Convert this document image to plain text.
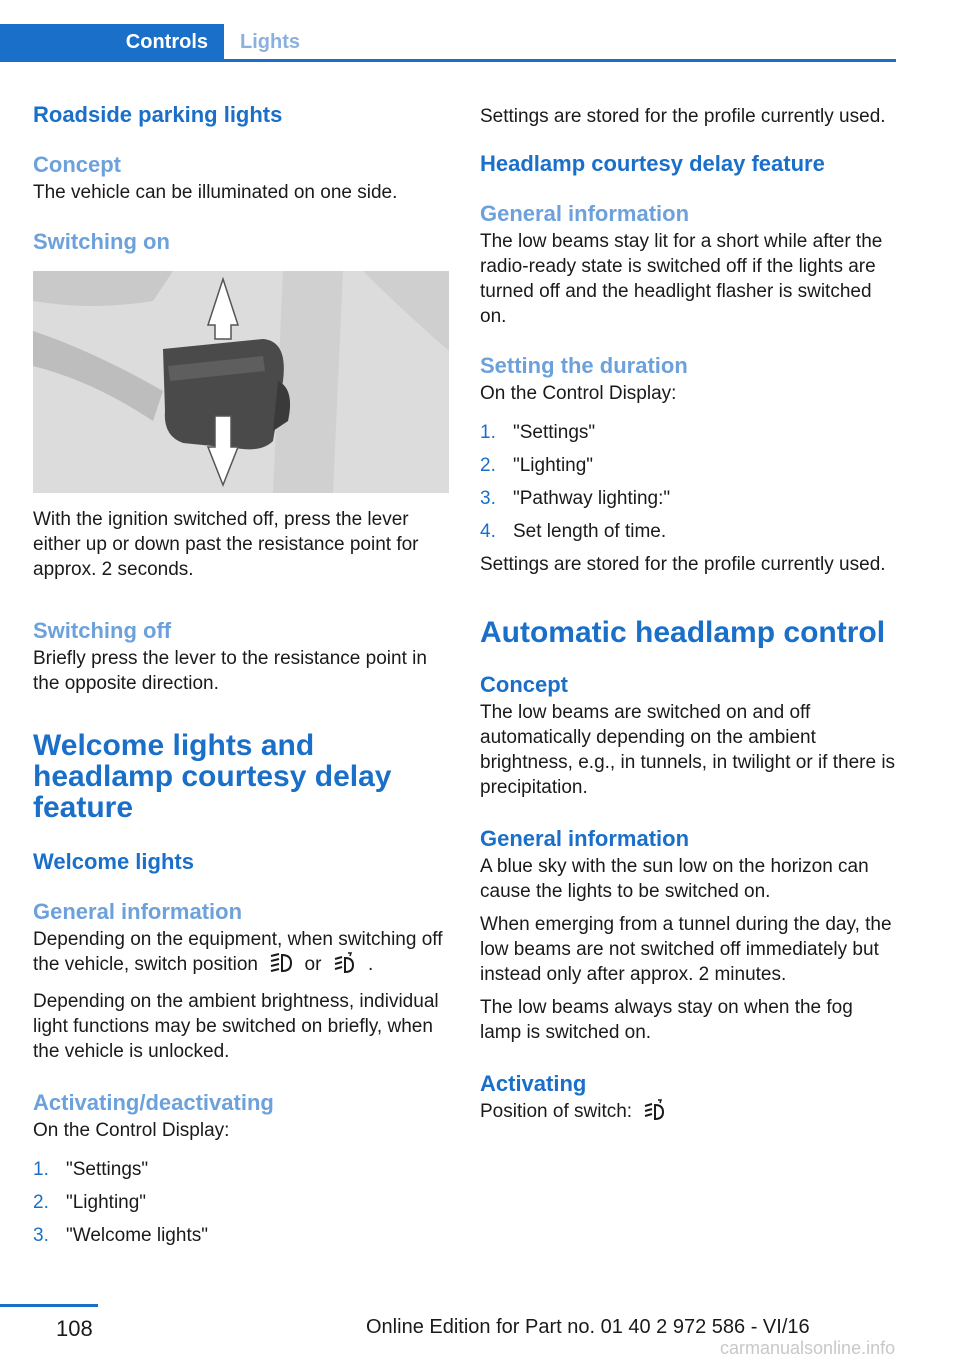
Controls	Lights
Roadside parking lights
Concept
The vehicle can be illuminated on one side.
Switching on
With the ignition switched off, press the lever either up or down past the resistance point for approx. 2 seconds.
Switching off
Briefly press the lever to the resistance point in the opposite direction.
Welcome lights and headlamp courtesy delay feature
Welcome lights
General information
Depending on the equipment, when switching off the vehicle, switch position or .
Depending on the ambient brightness, individual light functions may be switched on briefly, when the vehicle is unlocked.
Activating/deactivating
On the Control Display:
1. "Settings"
2. "Lighting"
3. "Welcome lights"
Settings are stored for the profile currently used.
Headlamp courtesy delay feature
General information
The low beams stay lit for a short while after the radio-ready state is switched off if the lights are turned off and the headlight flasher is switched on.
Setting the duration
On the Control Display:
1. "Settings"
2. "Lighting"
3. "Pathway lighting:"
4. Set length of time.
Settings are stored for the profile currently used.
Automatic headlamp control
Concept
The low beams are switched on and off automatically depending on the ambient brightness, e.g., in tunnels, in twilight or if there is precipitation.
General information
A blue sky with the sun low on the horizon can cause the lights to be switched on.
When emerging from a tunnel during the day, the low beams are not switched off immediately but instead only after approx. 2 minutes.
The low beams always stay on when the fog lamp is switched on.
Activating
Position of switch:
108	Online Edition for Part no. 01 40 2 972 586 - VI/16
carmanualsonline.info
